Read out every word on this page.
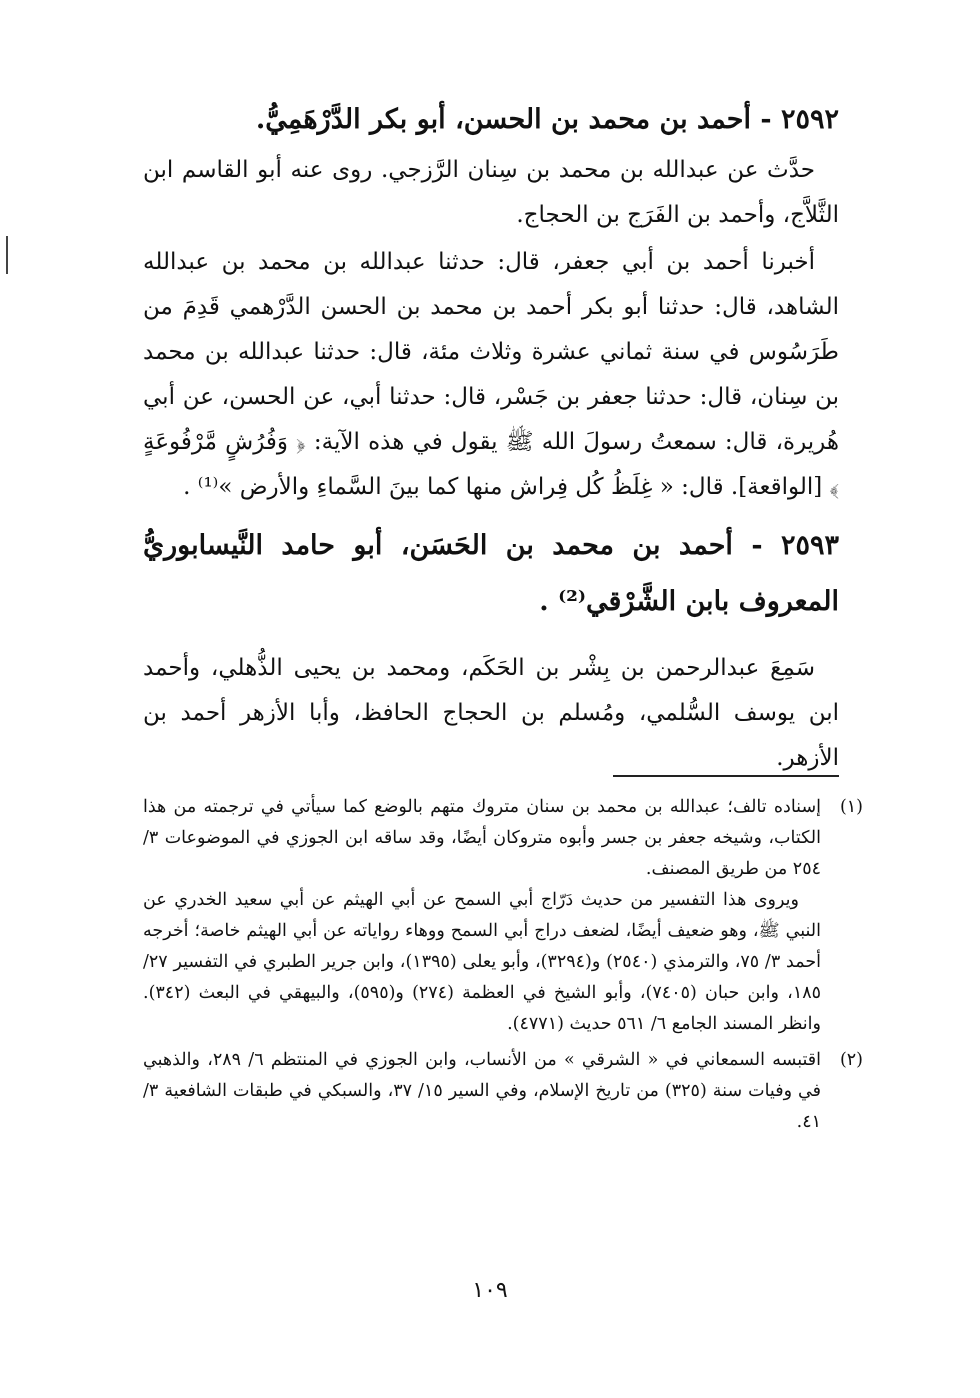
٢٥٩٢ - أحمد بن محمد بن الحسن، أبو بكر الدَّرْهَمِيُّ.

حدَّث عن عبدالله بن محمد بن سِنان الرَّزجي. روى عنه أبو القاسم ابن الثَّلاَّج، وأحمد بن الفَرَج بن الحجاج.

أخبرنا أحمد بن أبي جعفر، قال: حدثنا عبدالله بن محمد بن عبدالله الشاهد، قال: حدثنا أبو بكر أحمد بن محمد بن الحسن الدَّرْهمي قَدِمَ من طَرَسُوس في سنة ثماني عشرة وثلاث مئة، قال: حدثنا عبدالله بن محمد بن سِنان، قال: حدثنا جعفر بن جَسْر، قال: حدثنا أبي، عن الحسن، عن أبي هُريرة، قال: سمعتُ رسولَ الله ﷺ يقول في هذه الآية: ﴿ وَفُرُشٍ مَّرْفُوعَةٍ ﴾ [الواقعة]. قال: « غِلَظُ كُل فِراش منها كما بينَ السَّماءِ والأرض »⁽¹⁾ .

٢٥٩٣ - أحمد بن محمد بن الحَسَن، أبو حامد النَّيسابوريُّ المعروف بابن الشَّرْقي⁽²⁾ .

سَمِعَ عبدالرحمن بن بِشْر بن الحَكَم، ومحمد بن يحيى الذُّهلي، وأحمد ابن يوسف السُّلمي، ومُسلم بن الحجاج الحافظ، وأبا الأزهر أحمد بن الأزهر.

(١)

إسناده تالف؛ عبدالله بن محمد بن سنان متروك متهم بالوضع كما سيأتي في ترجمته من هذا الكتاب، وشيخه جعفر بن جسر وأبوه متروكان أيضًا، وقد ساقه ابن الجوزي في الموضوعات ٣/ ٢٥٤ من طريق المصنف.

ويروى هذا التفسير من حديث دَرّاج أبي السمح عن أبي الهيثم عن أبي سعيد الخدري عن النبي ﷺ، وهو ضعيف أيضًا، لضعف دراج أبي السمح ووهاء رواياته عن أبي الهيثم خاصة؛ أخرجه أحمد ٣/ ٧٥، والترمذي (٢٥٤٠) و(٣٢٩٤)، وأبو يعلى (١٣٩٥)، وابن جرير الطبري في التفسير ٢٧/ ١٨٥، وابن حبان (٧٤٠٥)، وأبو الشيخ في العظمة (٢٧٤) و(٥٩٥)، والبيهقي في البعث (٣٤٢). وانظر المسند الجامع ٦/ ٥٦١ حديث (٤٧٧١).

(٢)

اقتبسه السمعاني في « الشرقي » من الأنساب، وابن الجوزي في المنتظم ٦/ ٢٨٩، والذهبي في وفيات سنة (٣٢٥) من تاريخ الإسلام، وفي السير ١٥/ ٣٧، والسبكي في طبقات الشافعية ٣/ ٤١.

١٠٩
